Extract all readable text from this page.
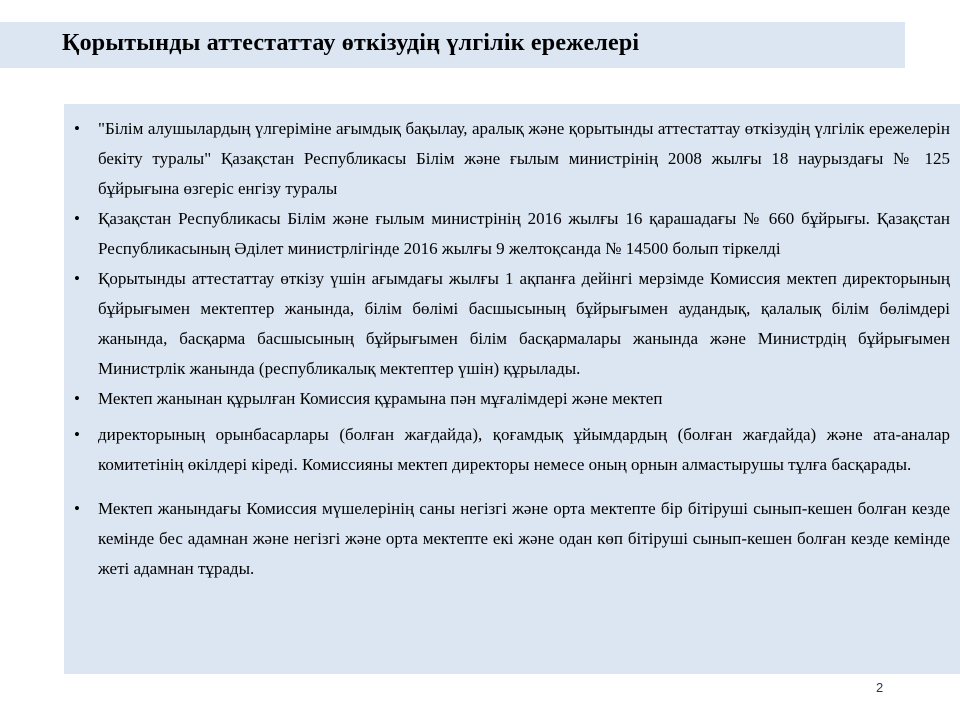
Қорытынды аттестаттау өткізудің үлгілік ережелері
• "Білім алушылардың үлгеріміне ағымдық бақылау, аралық және қорытынды аттестаттау өткізудің үлгілік ережелерін бекіту туралы" Қазақстан Республикасы Білім және ғылым министрінің 2008 жылғы 18 наурыздағы № 125 бұйрығына өзгеріс енгізу туралы
• Қазақстан Республикасы Білім және ғылым министрінің 2016 жылғы 16 қарашадағы № 660 бұйрығы. Қазақстан Республикасының Әділет министрлігінде 2016 жылғы 9 желтоқсанда № 14500 болып тіркелді
• Қорытынды аттестаттау өткізу үшін ағымдағы жылғы 1 ақпанға дейінгі мерзімде Комиссия мектеп директорының бұйрығымен мектептер жанында, білім бөлімі басшысының бұйрығымен аудандық, қалалық білім бөлімдері жанында, басқарма басшысының бұйрығымен білім басқармалары жанында және Министрдің бұйрығымен Министрлік жанында (республикалық мектептер үшін) құрылады.
• Мектеп жанынан құрылған Комиссия құрамына пән мұғалімдері және мектеп
• директорының орынбасарлары (болған жағдайда), қоғамдық ұйымдардың (болған жағдайда) және ата-аналар комитетінің өкілдері кіреді. Комиссияны мектеп директоры немесе оның орнын алмастырушы тұлға басқарады.
• Мектеп жанындағы Комиссия мүшелерінің саны негізгі және орта мектепте бір бітіруші сынып-кешен болған кезде кемінде бес адамнан және негізгі және орта мектепте екі және одан көп бітіруші сынып-кешен болған кезде кемінде жеті адамнан тұрады.
2
